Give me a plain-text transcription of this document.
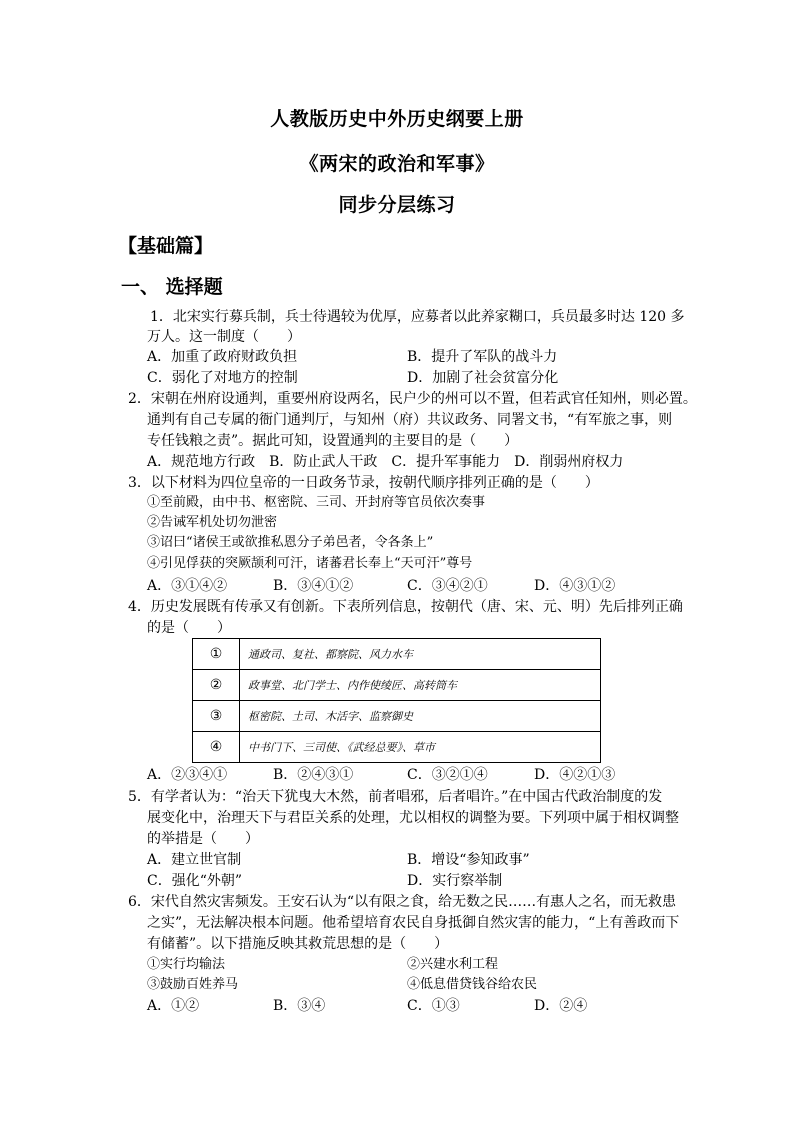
人教版历史中外历史纲要上册
《两宋的政治和军事》
同步分层练习
【基础篇】
一、 选择题
1．北宋实行募兵制，兵士待遇较为优厚，应募者以此养家糊口，兵员最多时达 120 多
万人。这一制度（　　）
A．加重了政府财政负担	B．提升了军队的战斗力
C．弱化了对地方的控制	D．加剧了社会贫富分化
2．宋朝在州府设通判，重要州府设两名，民户少的州可以不置，但若武官任知州，则必置。
通判有自己专属的衙门通判厅，与知州（府）共议政务、同署文书，“有军旅之事，则
专任钱粮之责”。据此可知，设置通判的主要目的是（　　）
A．规范地方行政　B．防止武人干政　C．提升军事能力　D．削弱州府权力
3．以下材料为四位皇帝的一日政务节录，按朝代顺序排列正确的是（　　）
①至前殿，由中书、枢密院、三司、开封府等官员依次奏事
②告诫军机处切勿泄密
③诏曰“诸侯王或欲推私恩分子弟邑者，令各条上”
④引见俘获的突厥颉利可汗，诸蕃君长奉上“天可汗”尊号
A．③①④②	B．③④①②	C．③④②①	D．④③①②
4．历史发展既有传承又有创新。下表所列信息，按朝代（唐、宋、元、明）先后排列正确
的是（　　）
①	通政司、复社、都察院、风力水车
②	政事堂、北门学士、内作使绫匠、高转筒车
③	枢密院、土司、木活字、监察御史
④	中书门下、三司使、《武经总要》、草市
A．②③④①	B．②④③①	C．③②①④	D．④②①③
5．有学者认为：“治天下犹曳大木然，前者唱邪，后者唱许。”在中国古代政治制度的发
展变化中，治理天下与君臣关系的处理，尤以相权的调整为要。下列项中属于相权调整
的举措是（　　）
A．建立世官制	B．增设“参知政事”
C．强化“外朝”	D．实行察举制
6．宋代自然灾害频发。王安石认为“以有限之食，给无数之民……有惠人之名，而无救患
之实”，无法解决根本问题。他希望培育农民自身抵御自然灾害的能力，“上有善政而下
有储蓄”。以下措施反映其救荒思想的是（　　）
①实行均输法	②兴建水利工程
③鼓励百姓养马	④低息借贷钱谷给农民
A．①②	B．③④	C．①③	D．②④
